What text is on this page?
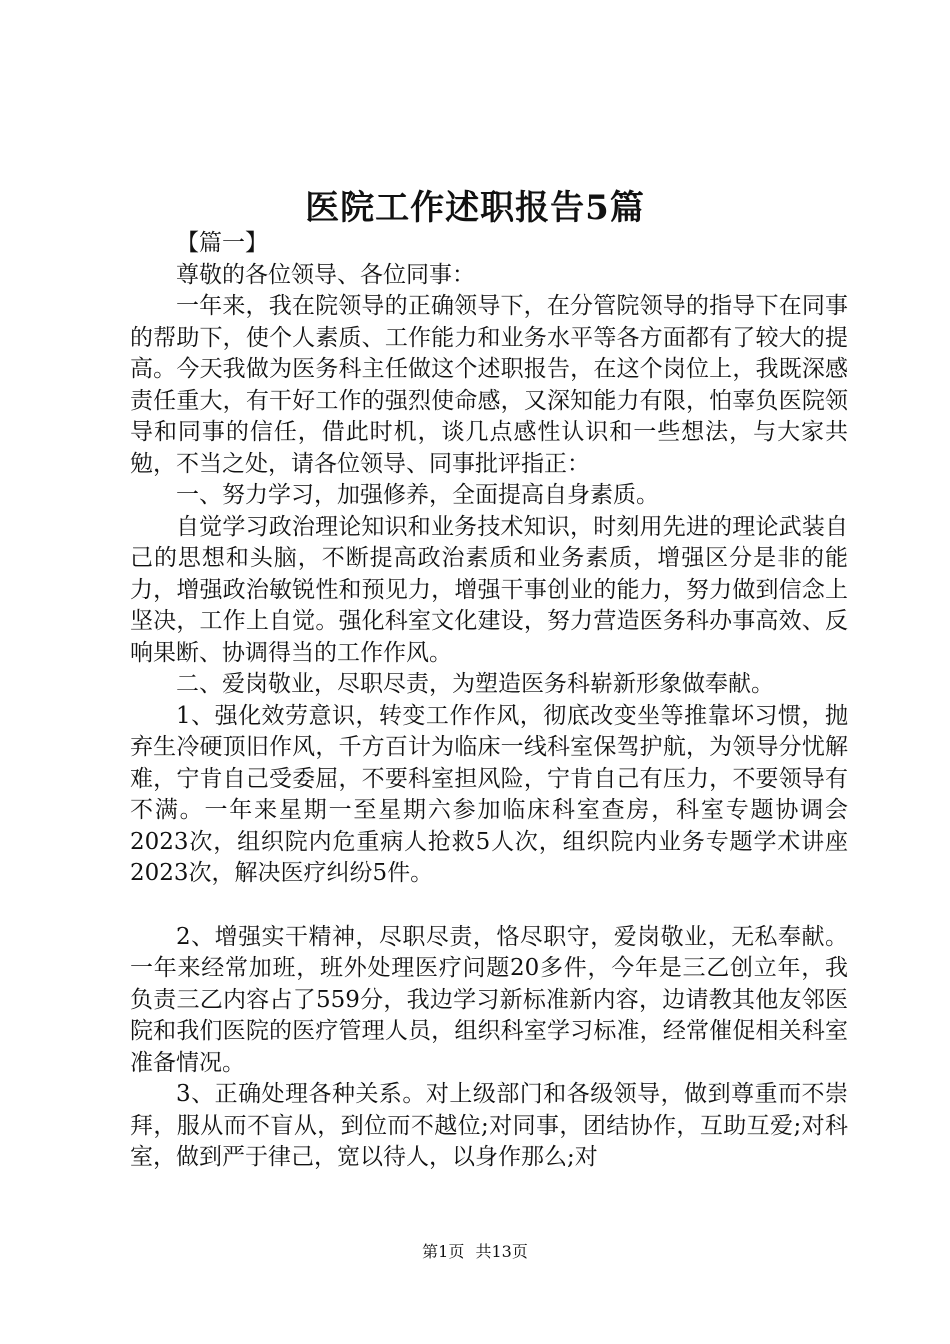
医院工作述职报告5篇

【篇一】

尊敬的各位领导、各位同事：

一年来，我在院领导的正确领导下，在分管院领导的指导下在同事的帮助下，使个人素质、工作能力和业务水平等各方面都有了较大的提高。今天我做为医务科主任做这个述职报告，在这个岗位上，我既深感责任重大，有干好工作的强烈使命感，又深知能力有限，怕辜负医院领导和同事的信任，借此时机，谈几点感性认识和一些想法，与大家共勉，不当之处，请各位领导、同事批评指正：

一、努力学习，加强修养，全面提高自身素质。

自觉学习政治理论知识和业务技术知识，时刻用先进的理论武装自己的思想和头脑，不断提高政治素质和业务素质，增强区分是非的能力，增强政治敏锐性和预见力，增强干事创业的能力，努力做到信念上坚决，工作上自觉。强化科室文化建设，努力营造医务科办事高效、反响果断、协调得当的工作作风。

二、爱岗敬业，尽职尽责，为塑造医务科崭新形象做奉献。

1、强化效劳意识，转变工作作风，彻底改变坐等推靠坏习惯，抛弃生冷硬顶旧作风，千方百计为临床一线科室保驾护航，为领导分忧解难，宁肯自己受委屈，不要科室担风险，宁肯自己有压力，不要领导有不满。一年来星期一至星期六参加临床科室查房，科室专题协调会2023次，组织院内危重病人抢救5人次，组织院内业务专题学术讲座2023次，解决医疗纠纷5件。

2、增强实干精神，尽职尽责，恪尽职守，爱岗敬业，无私奉献。一年来经常加班，班外处理医疗问题20多件，今年是三乙创立年，我负责三乙内容占了559分，我边学习新标准新内容，边请教其他友邻医院和我们医院的医疗管理人员，组织科室学习标准，经常催促相关科室准备情况。

3、正确处理各种关系。对上级部门和各级领导，做到尊重而不崇拜，服从而不盲从，到位而不越位;对同事，团结协作，互助互爱;对科室，做到严于律己，宽以待人，以身作那么;对

第1页 共13页
